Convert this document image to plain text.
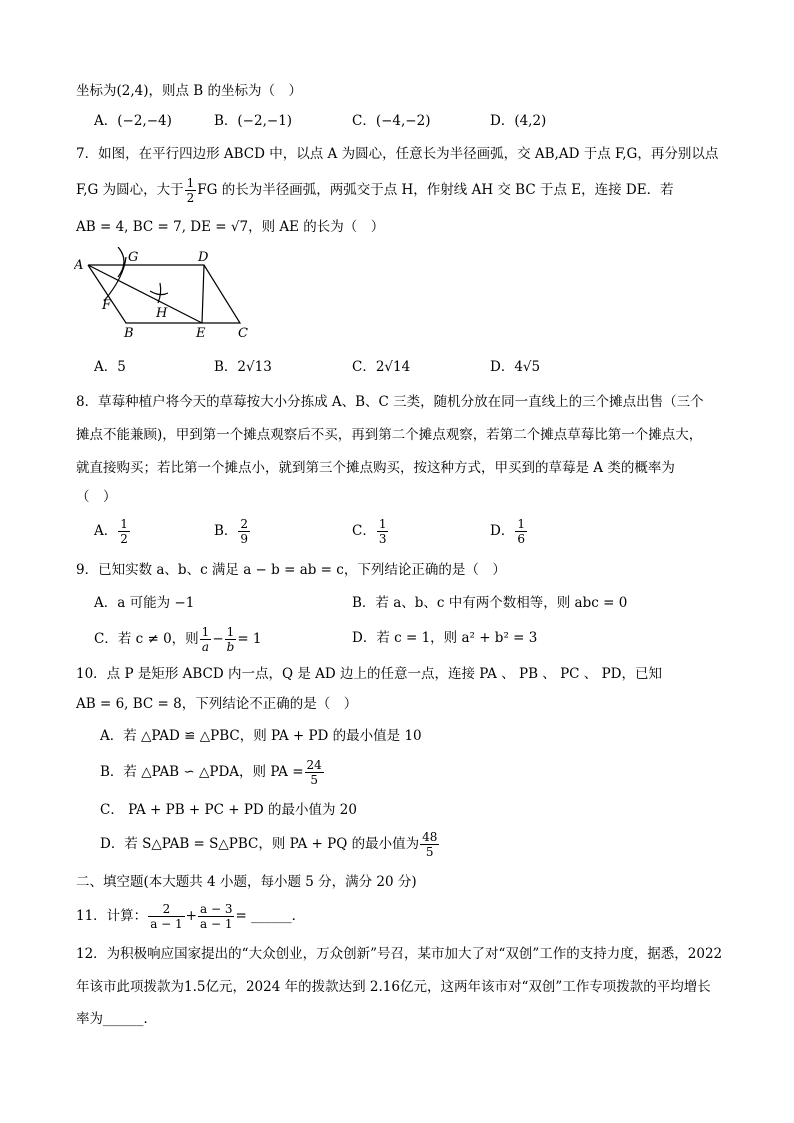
坐标为(2,4)，则点 B 的坐标为（　）
A．(−2,−4)	B．(−2,−1)	C．(−4,−2)	D．(4,2)
7．如图，在平行四边形 ABCD 中，以点 A 为圆心，任意长为半径画弧，交 AB,AD 于点 F,G，再分别以点
F,G 为圆心，大于 $\frac{1}{2}$ FG 的长为半径画弧，两弧交于点 H，作射线 AH 交 BC 于点 E，连接 DE．若
AB = 4, BC = 7, DE = √7，则 AE 的长为（　）
A
G	D
F
H
B	E	C
A．5	B．2√13	C．2√14	D．4√5
8．草莓种植户将今天的草莓按大小分拣成 A、B、C 三类，随机分放在同一直线上的三个摊点出售（三个
摊点不能兼顾)，甲到第一个摊点观察后不买，再到第二个摊点观察，若第二个摊点草莓比第一个摊点大，
就直接购买；若比第一个摊点小，就到第三个摊点购买，按这种方式，甲买到的草莓是 A 类的概率为
（　）
A． $\frac{1}{2}$	B． $\frac{2}{9}$	C． $\frac{1}{3}$	D． $\frac{1}{6}$
9．已知实数 a、b、c 满足 a − b = ab = c，下列结论正确的是（　）
A．a 可能为 −1	B．若 a、b、c 中有两个数相等，则 abc = 0
C．若 c ≠ 0，则 $\frac{1}{a} - \frac{1}{b} = 1$	D．若 c = 1，则 a² + b² = 3
10．点 P 是矩形 ABCD 内一点，Q 是 AD 边上的任意一点，连接 PA 、 PB 、 PC 、 PD，已知
AB = 6, BC = 8，下列结论不正确的是（　）
A．若 △PAD ≌ △PBC，则 PA + PD 的最小值是 10
B．若 △PAB ∽ △PDA，则 PA = $\frac{24}{5}$
C． PA + PB + PC + PD 的最小值为 20
D．若 S△PAB = S△PBC，则 PA + PQ 的最小值为 $\frac{48}{5}$
二、填空题(本大题共 4 小题，每小题 5 分，满分 20 分)
11．计算： $\frac{2}{a - 1} + \frac{a - 3}{a - 1}$ = ______．
12．为积极响应国家提出的“大众创业，万众创新”号召，某市加大了对“双创”工作的支持力度，据悉，2022
年该市此项拨款为1.5亿元，2024 年的拨款达到 2.16亿元，这两年该市对“双创”工作专项拨款的平均增长
率为______．
